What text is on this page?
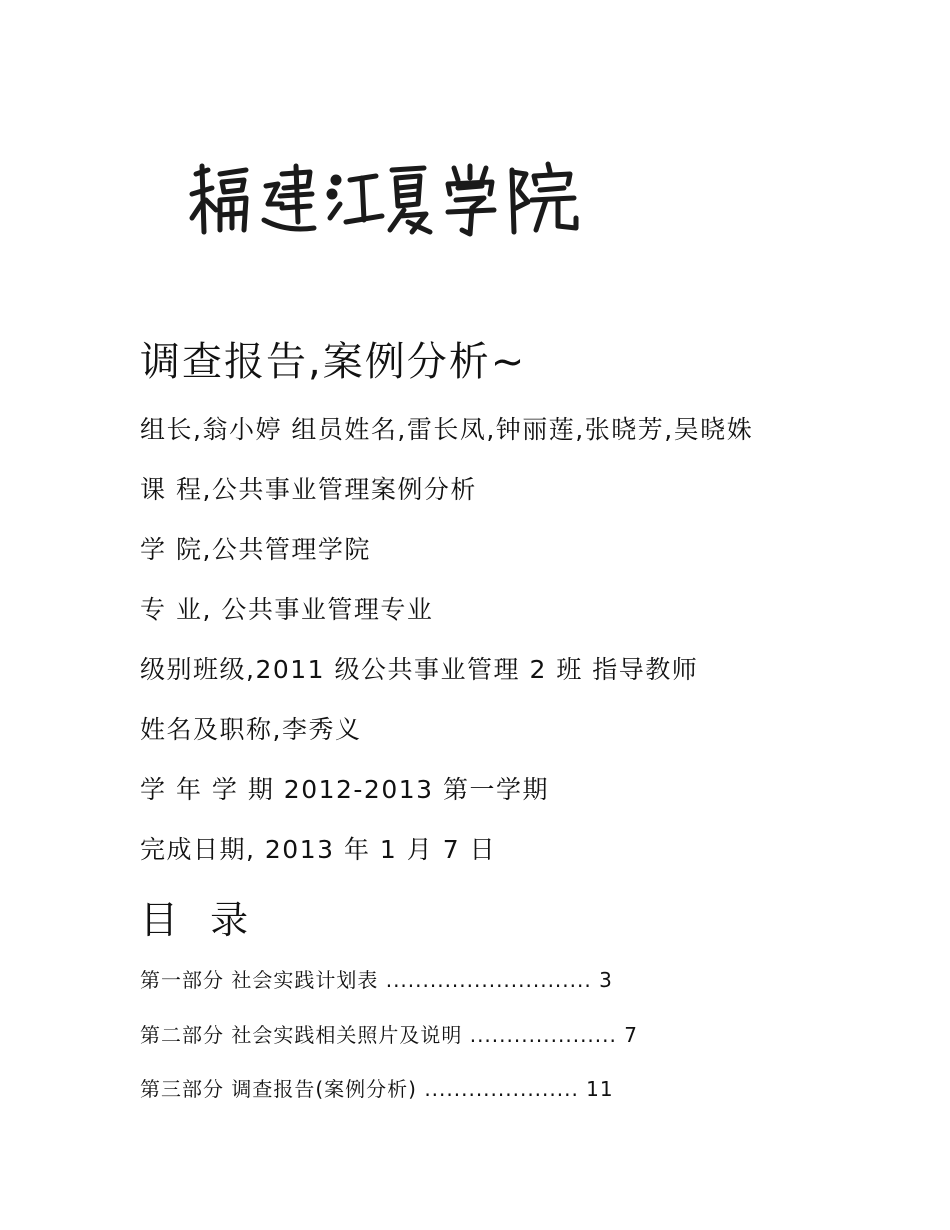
调查报告,案例分析~
组长,翁小婷 组员姓名,雷长凤,钟丽莲,张晓芳,吴晓姝
课 程,公共事业管理案例分析
学 院,公共管理学院
专 业, 公共事业管理专业
级别班级,2011 级公共事业管理 2 班 指导教师
姓名及职称,李秀义
学 年 学 期 2012-2013 第一学期
完成日期, 2013 年 1 月 7 日
目 录
第一部分 社会实践计划表 ............................ 3
第二部分 社会实践相关照片及说明 .................... 7
第三部分 调查报告(案例分析) ..................... 11
